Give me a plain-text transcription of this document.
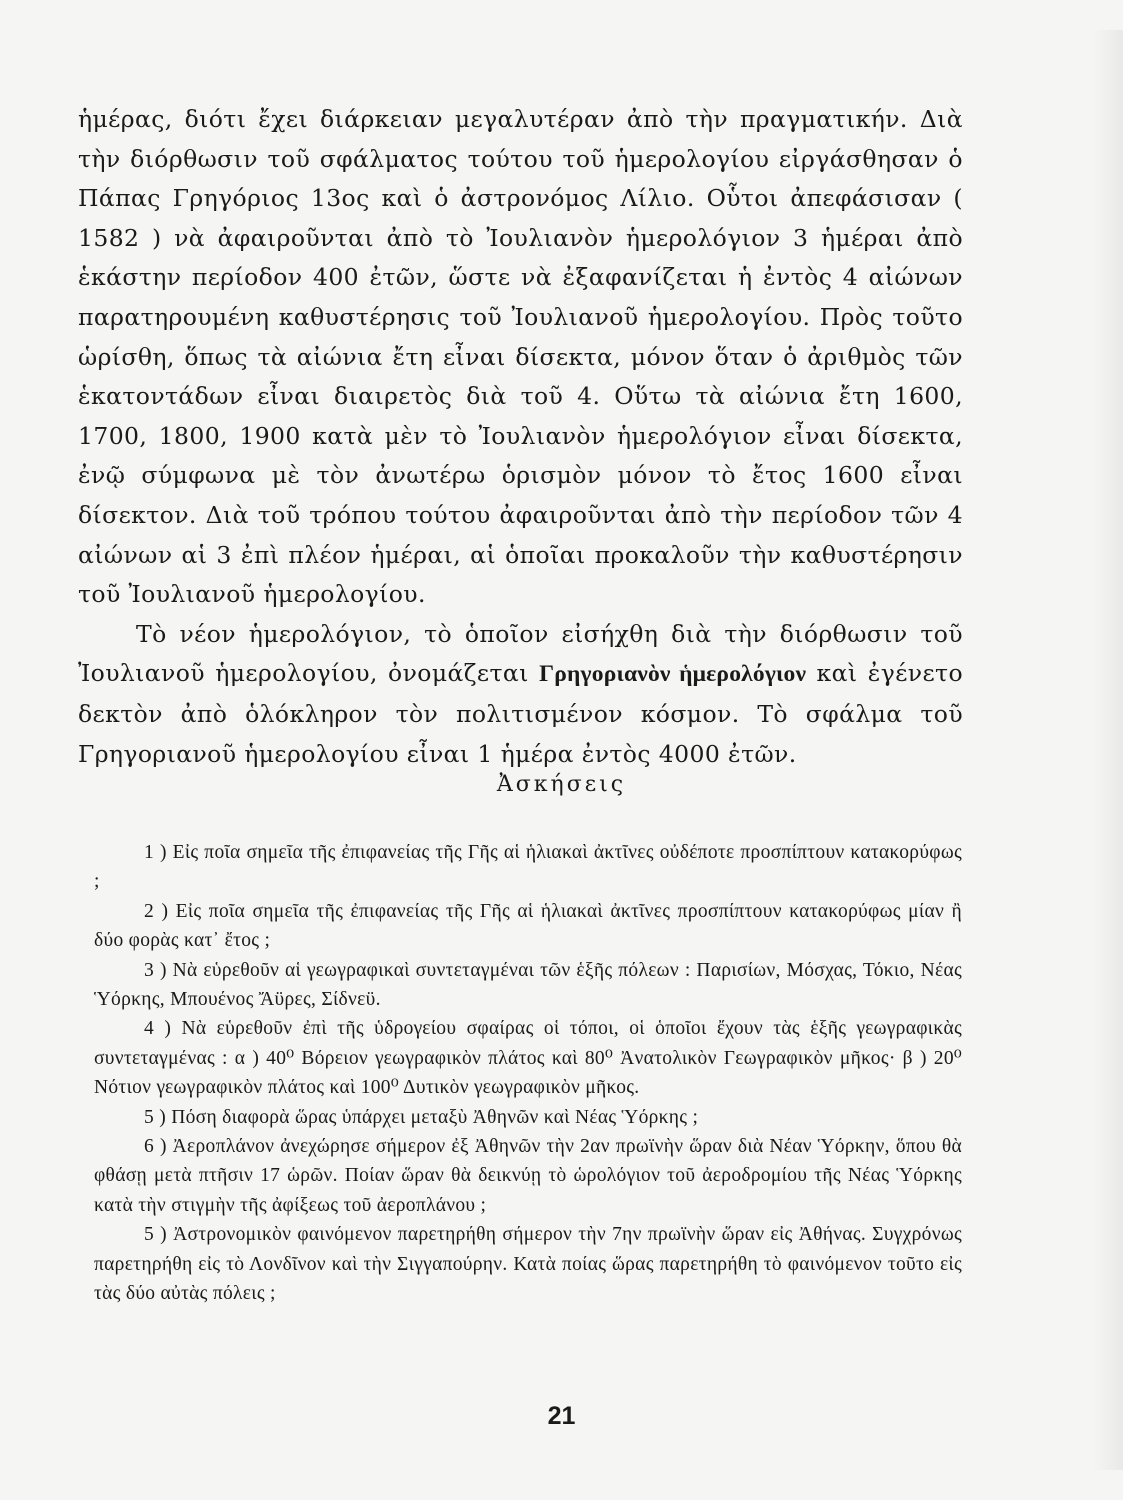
ἡμέρας, διότι ἔχει διάρκειαν μεγαλυτέραν ἀπὸ τὴν πραγματικήν. Διὰ τὴν διόρθωσιν τοῦ σφάλματος τούτου τοῦ ἡμερολογίου εἰργάσθησαν ὁ Πάπας Γρηγόριος 13ος καὶ ὁ ἀστρονόμος Λίλιο. Οὗτοι ἀπεφάσισαν ( 1582 ) νὰ ἀφαιροῦνται ἀπὸ τὸ Ἰουλιανὸν ἡμερολόγιον 3 ἡμέραι ἀπὸ ἑκάστην περίοδον 400 ἐτῶν, ὥστε νὰ ἐξαφανίζεται ἡ ἐντὸς 4 αἰώνων παρατηρουμένη καθυστέρησις τοῦ Ἰουλιανοῦ ἡμερολογίου. Πρὸς τοῦτο ὡρίσθη, ὅπως τὰ αἰώνια ἔτη εἶναι δίσεκτα, μόνον ὅταν ὁ ἀριθμὸς τῶν ἑκατοντάδων εἶναι διαιρετὸς διὰ τοῦ 4. Οὕτω τὰ αἰώνια ἔτη 1600, 1700, 1800, 1900 κατὰ μὲν τὸ Ἰουλιανὸν ἡμερολόγιον εἶναι δίσεκτα, ἐνῷ σύμφωνα μὲ τὸν ἀνωτέρω ὁρισμὸν μόνον τὸ ἔτος 1600 εἶναι δίσεκτον. Διὰ τοῦ τρόπου τούτου ἀφαιροῦνται ἀπὸ τὴν περίοδον τῶν 4 αἰώνων αἱ 3 ἐπὶ πλέον ἡμέραι, αἱ ὁποῖαι προκαλοῦν τὴν καθυστέρησιν τοῦ Ἰουλιανοῦ ἡμερολογίου.

Τὸ νέον ἡμερολόγιον, τὸ ὁποῖον εἰσήχθη διὰ τὴν διόρθωσιν τοῦ Ἰουλιανοῦ ἡμερολογίου, ὀνομάζεται Γρηγοριανὸν ἡμερολόγιον καὶ ἐγένετο δεκτὸν ἀπὸ ὁλόκληρον τὸν πολιτισμένον κόσμον. Τὸ σφάλμα τοῦ Γρηγοριανοῦ ἡμερολογίου εἶναι 1 ἡμέρα ἐντὸς 4000 ἐτῶν.

Ἀσκήσεις

1 ) Εἰς ποῖα σημεῖα τῆς ἐπιφανείας τῆς Γῆς αἱ ἡλιακαὶ ἀκτῖνες οὐδέποτε προσπίπτουν κατακορύφως ;

2 ) Εἰς ποῖα σημεῖα τῆς ἐπιφανείας τῆς Γῆς αἱ ἡλιακαὶ ἀκτῖνες προσπίπτουν κατακορύφως μίαν ἢ δύο φορὰς κατ᾽ ἔτος ;

3 ) Νὰ εὑρεθοῦν αἱ γεωγραφικαὶ συντεταγμέναι τῶν ἑξῆς πόλεων : Παρισίων, Μόσχας, Τόκιο, Νέας Ὑόρκης, Μπουένος Ἄϋρες, Σίδνεϋ.

4 ) Νὰ εὑρεθοῦν ἐπὶ τῆς ὑδρογείου σφαίρας οἱ τόποι, οἱ ὁποῖοι ἔχουν τὰς ἑξῆς γεωγραφικὰς συντεταγμένας : α ) 40⁰ Βόρειον γεωγραφικὸν πλάτος καὶ 80⁰ Ἀνατολικὸν Γεωγραφικὸν μῆκος· β ) 20⁰ Νότιον γεωγραφικὸν πλάτος καὶ 100⁰ Δυτικὸν γεωγραφικὸν μῆκος.

5 ) Πόση διαφορὰ ὥρας ὑπάρχει μεταξὺ Ἀθηνῶν καὶ Νέας Ὑόρκης ;

6 ) Ἀεροπλάνον ἀνεχώρησε σήμερον ἐξ Ἀθηνῶν τὴν 2αν πρωϊνὴν ὥραν διὰ Νέαν Ὑόρκην, ὅπου θὰ φθάσῃ μετὰ πτῆσιν 17 ὡρῶν. Ποίαν ὥραν θὰ δεικνύῃ τὸ ὡρολόγιον τοῦ ἀεροδρομίου τῆς Νέας Ὑόρκης κατὰ τὴν στιγμὴν τῆς ἀφίξεως τοῦ ἀεροπλάνου ;

5 ) Ἀστρονομικὸν φαινόμενον παρετηρήθη σήμερον τὴν 7ην πρωϊνὴν ὥραν εἰς Ἀθήνας. Συγχρόνως παρετηρήθη εἰς τὸ Λονδῖνον καὶ τὴν Σιγγαπούρην. Κατὰ ποίας ὥρας παρετηρήθη τὸ φαινόμενον τοῦτο εἰς τὰς δύο αὐτὰς πόλεις ;

21
